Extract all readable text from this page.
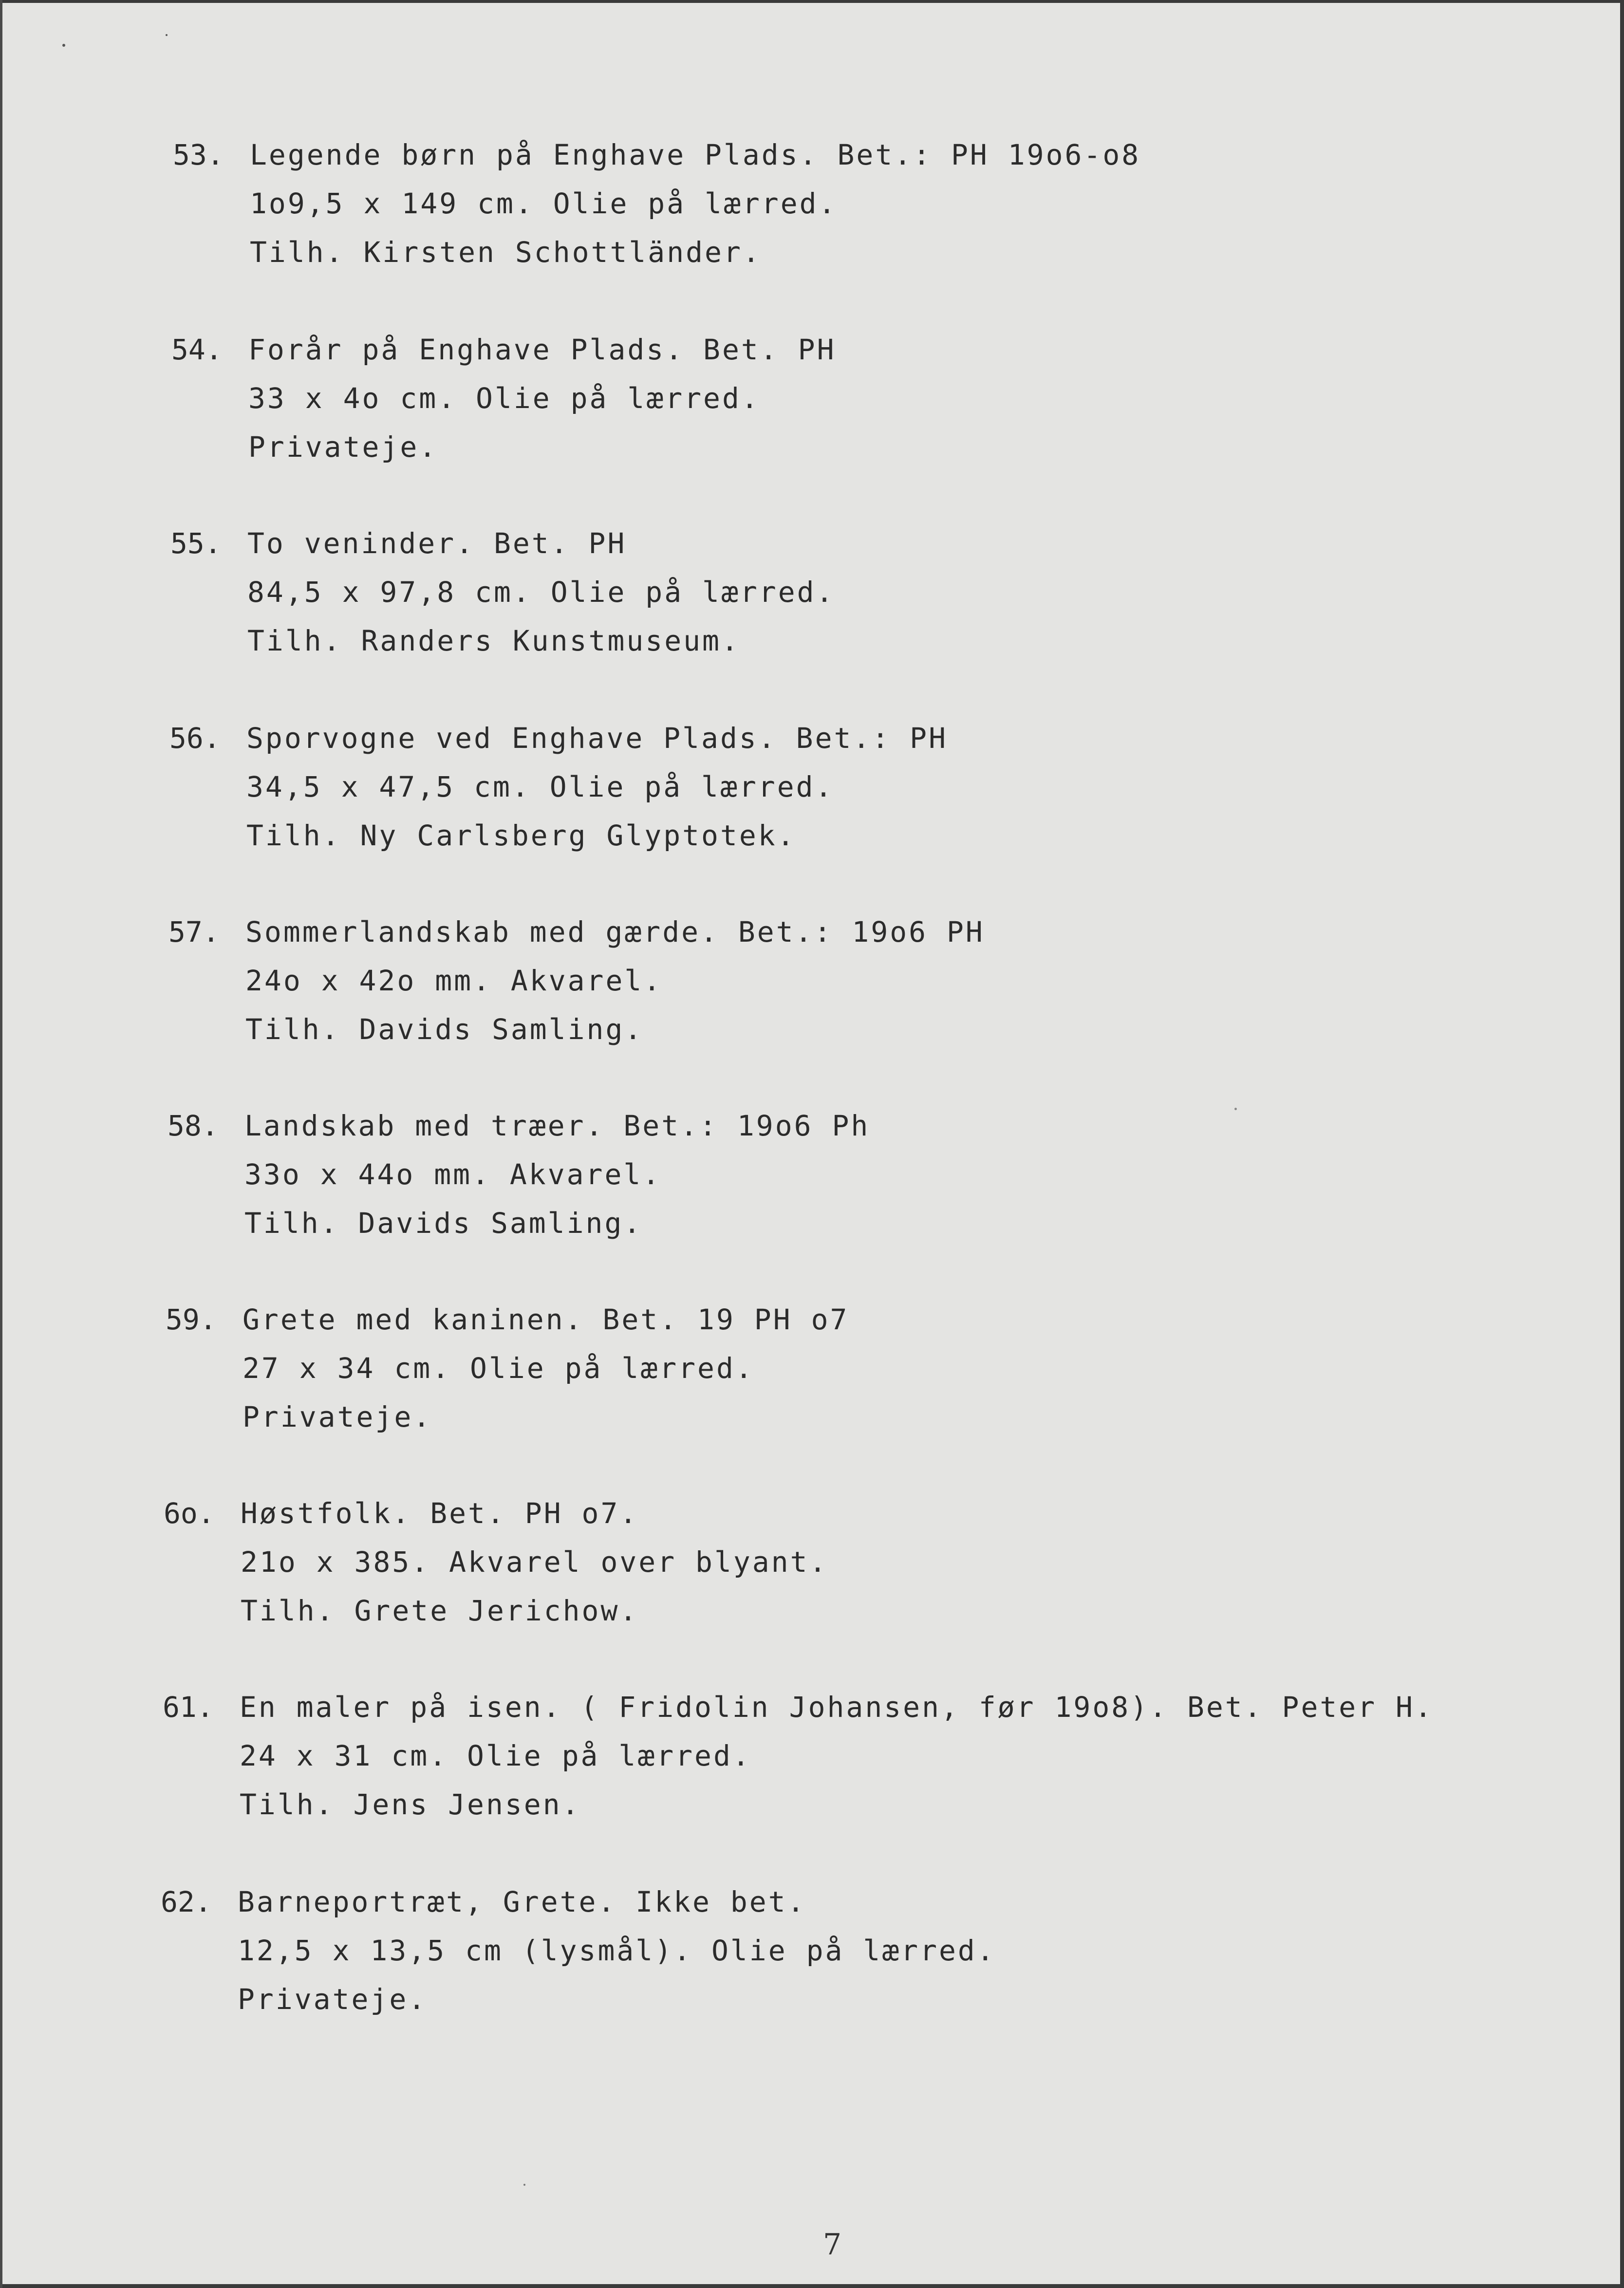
53. Legende børn på Enghave Plads. Bet.: PH 19o6-o8
1o9,5 x 149 cm. Olie på lærred.
Tilh. Kirsten Schottländer.
54. Forår på Enghave Plads. Bet. PH
33 x 4o cm. Olie på lærred.
Privateje.
55. To veninder. Bet. PH
84,5 x 97,8 cm. Olie på lærred.
Tilh. Randers Kunstmuseum.
56. Sporvogne ved Enghave Plads. Bet.: PH
34,5 x 47,5 cm. Olie på lærred.
Tilh. Ny Carlsberg Glyptotek.
57. Sommerlandskab med gærde. Bet.: 19o6 PH
24o x 42o mm. Akvarel.
Tilh. Davids Samling.
58. Landskab med træer. Bet.: 19o6 Ph
33o x 44o mm. Akvarel.
Tilh. Davids Samling.
59. Grete med kaninen. Bet. 19 PH o7
27 x 34 cm. Olie på lærred.
Privateje.
6o. Høstfolk. Bet. PH o7.
21o x 385. Akvarel over blyant.
Tilh. Grete Jerichow.
61. En maler på isen. ( Fridolin Johansen, før 19o8). Bet. Peter H.
24 x 31 cm. Olie på lærred.
Tilh. Jens Jensen.
62. Barneportræt, Grete. Ikke bet.
12,5 x 13,5 cm (lysmål). Olie på lærred.
Privateje.
7
